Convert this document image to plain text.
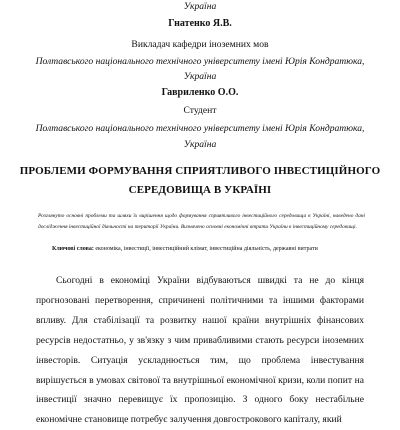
Україна
Гнатенко Я.В.
Викладач кафедри іноземних мов
Полтавського національного технічного університету імені Юрія Кондратюка,
Україна
Гавриленко О.О.
Студент
Полтавського національного технічного університету імені Юрія Кондратюка,
Україна
ПРОБЛЕМИ ФОРМУВАННЯ СПРИЯТЛИВОГО ІНВЕСТИЦІЙНОГО
СЕРЕДОВИЩА В УКРАЇНІ
Розглянуто основні проблеми та шляхи їх вирішення щодо формування сприятливого інвестиційного середовища в Україні, наведено дані дослідження інвестиційної діяльності на території України. Визначено основні економічні втрати України в інвестиційному середовищі.
Ключові слова: економіка, інвестиції, інвестиційний клімат, інвестиційна діяльність, державні витрати
Сьогодні в економіці України відбуваються швидкі та не до кінця прогнозовані перетворення, спричинені політичними та іншими факторами впливу. Для стабілізації та розвитку нашої країни внутрішніх фінансових ресурсів недостатньо, у зв'язку з чим привабливими стають ресурси іноземних інвесторів. Ситуація ускладнюється тим, що проблема інвестування вирішується в умовах світової та внутрішньої економічної кризи, коли попит на інвестиції значно перевищує їх пропозицію. З одного боку нестабільне економічне становище потребує залучення довгострокового капіталу, який
